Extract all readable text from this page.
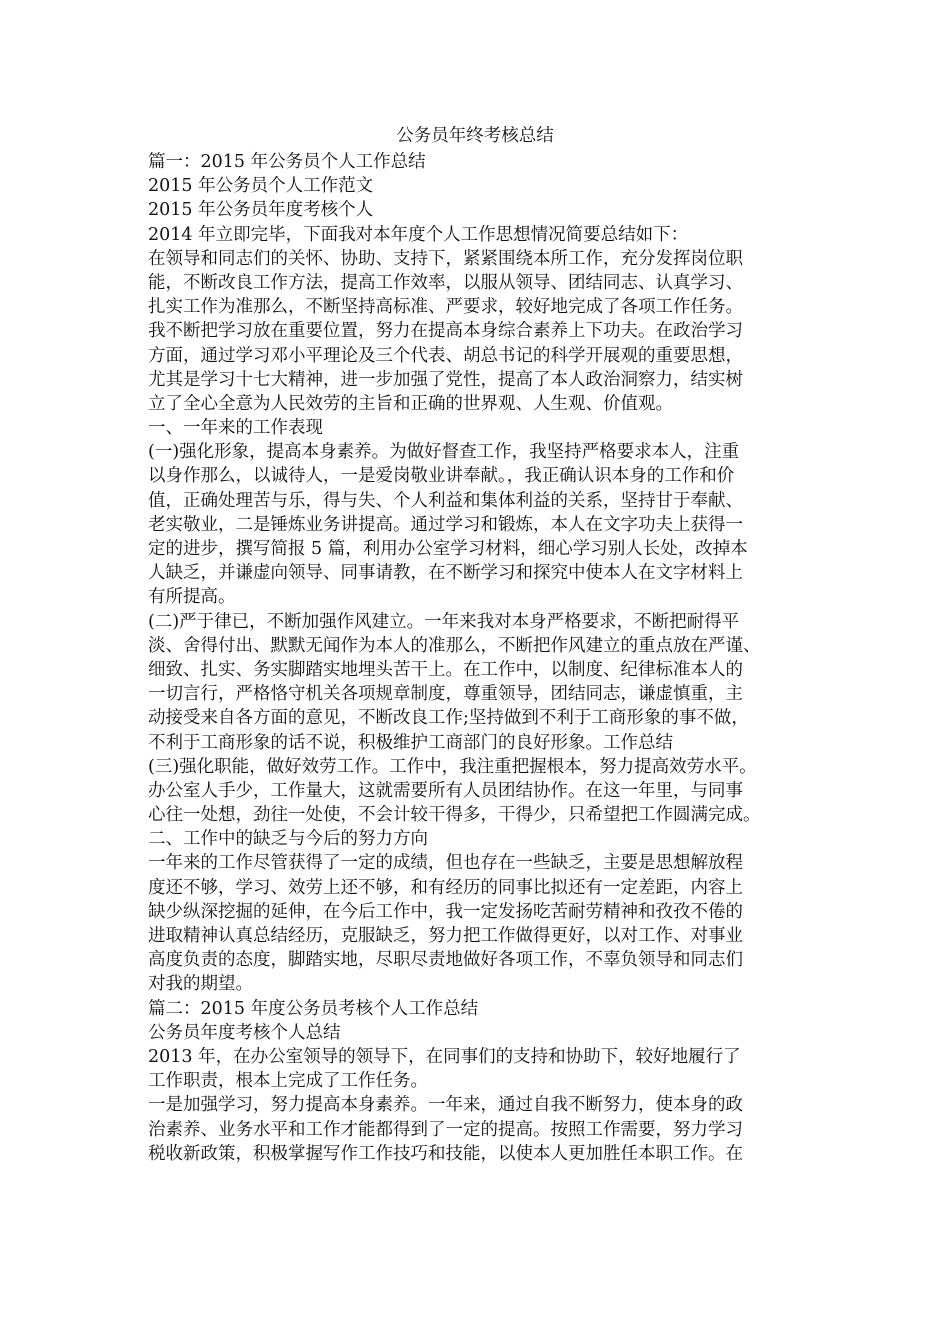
公务员年终考核总结
篇一：2015 年公务员个人工作总结
2015 年公务员个人工作范文
2015 年公务员年度考核个人
2014 年立即完毕，下面我对本年度个人工作思想情况简要总结如下：
在领导和同志们的关怀、协助、支持下，紧紧围绕本所工作，充分发挥岗位职
能，不断改良工作方法，提高工作效率，以服从领导、团结同志、认真学习、
扎实工作为准那么，不断坚持高标准、严要求，较好地完成了各项工作任务。
我不断把学习放在重要位置，努力在提高本身综合素养上下功夫。在政治学习
方面，通过学习邓小平理论及三个代表、胡总书记的科学开展观的重要思想，
尤其是学习十七大精神，进一步加强了党性，提高了本人政治洞察力，结实树
立了全心全意为人民效劳的主旨和正确的世界观、人生观、价值观。
一、一年来的工作表现
(一)强化形象，提高本身素养。为做好督查工作，我坚持严格要求本人，注重
以身作那么，以诚待人，一是爱岗敬业讲奉献。，我正确认识本身的工作和价
值，正确处理苦与乐，得与失、个人利益和集体利益的关系，坚持甘于奉献、
老实敬业，二是锤炼业务讲提高。通过学习和锻炼，本人在文字功夫上获得一
定的进步，撰写简报 5 篇，利用办公室学习材料，细心学习别人长处，改掉本
人缺乏，并谦虚向领导、同事请教，在不断学习和探究中使本人在文字材料上
有所提高。
(二)严于律已，不断加强作风建立。一年来我对本身严格要求，不断把耐得平
淡、舍得付出、默默无闻作为本人的准那么，不断把作风建立的重点放在严谨、
细致、扎实、务实脚踏实地埋头苦干上。在工作中，以制度、纪律标准本人的
一切言行，严格恪守机关各项规章制度，尊重领导，团结同志，谦虚慎重，主
动接受来自各方面的意见，不断改良工作;坚持做到不利于工商形象的事不做，
不利于工商形象的话不说，积极维护工商部门的良好形象。工作总结
(三)强化职能，做好效劳工作。工作中，我注重把握根本，努力提高效劳水平。
办公室人手少，工作量大，这就需要所有人员团结协作。在这一年里，与同事
心往一处想，劲往一处使，不会计较干得多，干得少，只希望把工作圆满完成。
二、工作中的缺乏与今后的努力方向
一年来的工作尽管获得了一定的成绩，但也存在一些缺乏，主要是思想解放程
度还不够，学习、效劳上还不够，和有经历的同事比拟还有一定差距，内容上
缺少纵深挖掘的延伸，在今后工作中，我一定发扬吃苦耐劳精神和孜孜不倦的
进取精神认真总结经历，克服缺乏，努力把工作做得更好，以对工作、对事业
高度负责的态度，脚踏实地，尽职尽责地做好各项工作，不辜负领导和同志们
对我的期望。
篇二：2015 年度公务员考核个人工作总结
公务员年度考核个人总结
2013 年，在办公室领导的领导下，在同事们的支持和协助下，较好地履行了
工作职责，根本上完成了工作任务。
一是加强学习，努力提高本身素养。一年来，通过自我不断努力，使本身的政
治素养、业务水平和工作才能都得到了一定的提高。按照工作需要，努力学习
税收新政策，积极掌握写作工作技巧和技能，以使本人更加胜任本职工作。在
